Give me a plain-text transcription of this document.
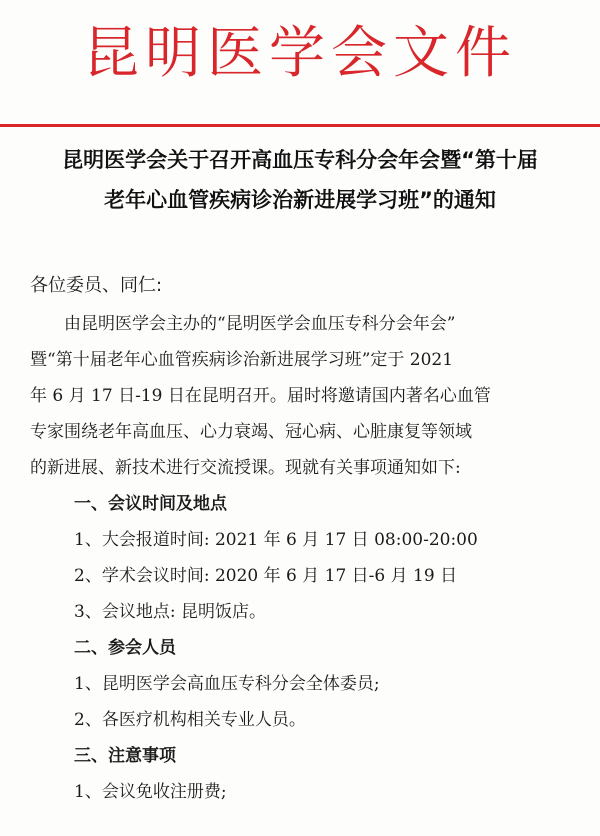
昆明医学会文件
昆明医学会关于召开高血压专科分会年会暨“第十届
老年心血管疾病诊治新进展学习班”的通知
各位委员、同仁:
由昆明医学会主办的“昆明医学会血压专科分会年会”
暨“第十届老年心血管疾病诊治新进展学习班”定于 2021
年 6 月 17 日-19 日在昆明召开。届时将邀请国内著名心血管
专家围绕老年高血压、心力衰竭、冠心病、心脏康复等领域
的新进展、新技术进行交流授课。现就有关事项通知如下:
一、会议时间及地点
1、大会报道时间: 2021 年 6 月 17 日 08:00-20:00
2、学术会议时间: 2020 年 6 月 17 日-6 月 19 日
3、会议地点: 昆明饭店。
二、参会人员
1、昆明医学会高血压专科分会全体委员;
2、各医疗机构相关专业人员。
三、注意事项
1、会议免收注册费;
